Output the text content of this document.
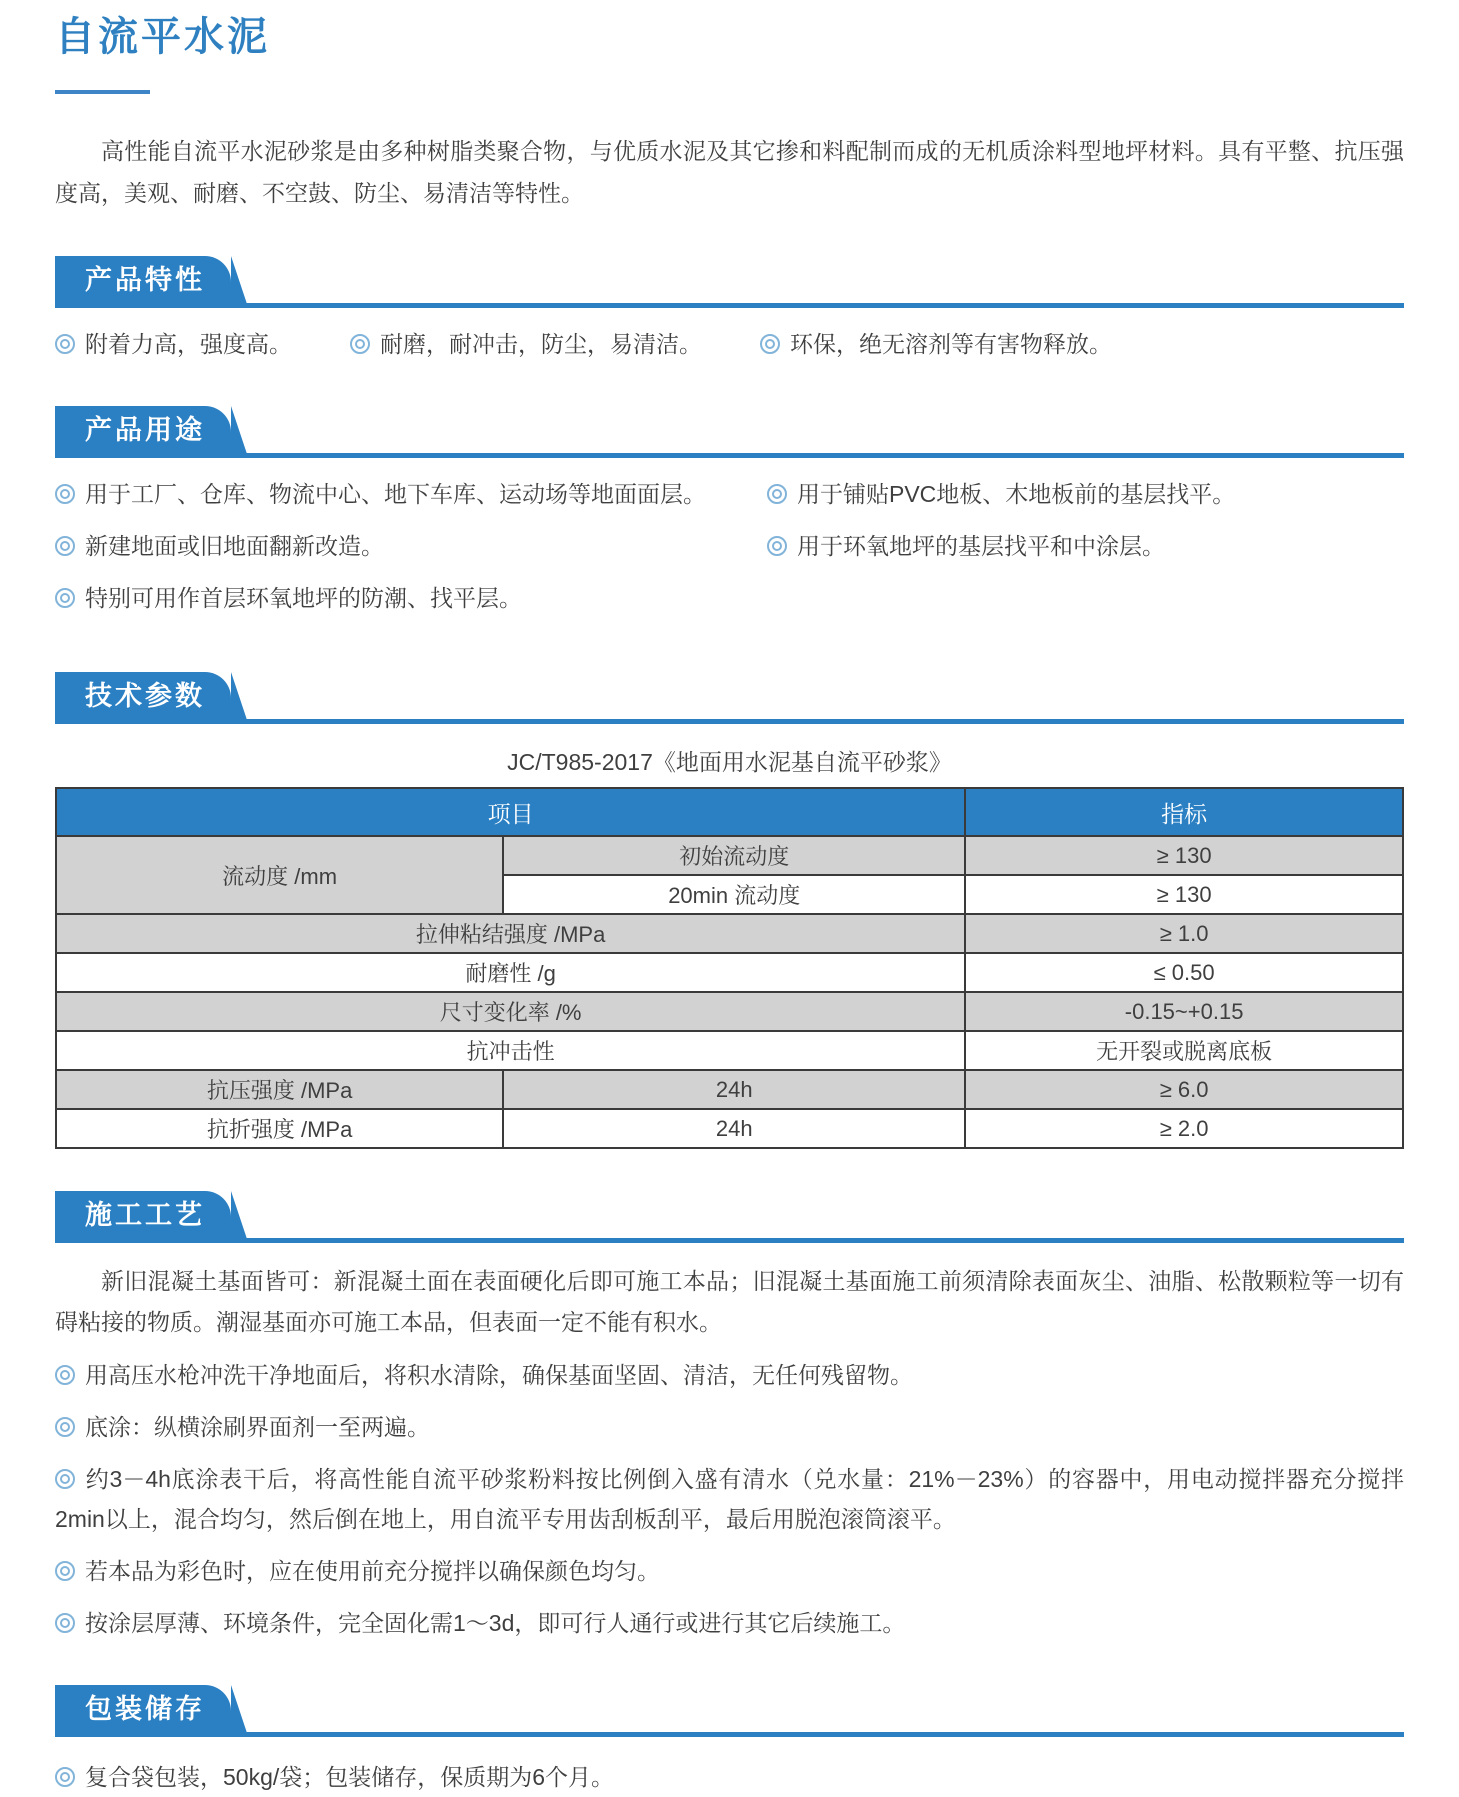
自流平水泥

高性能自流平水泥砂浆是由多种树脂类聚合物，与优质水泥及其它掺和料配制而成的无机质涂料型地坪材料。具有平整、抗压强度高，美观、耐磨、不空鼓、防尘、易清洁等特性。

产品特性

附着力高，强度高。	耐磨，耐冲击，防尘，易清洁。	环保，绝无溶剂等有害物释放。

产品用途

用于工厂、仓库、物流中心、地下车库、运动场等地面面层。

新建地面或旧地面翻新改造。

特别可用作首层环氧地坪的防潮、找平层。

用于铺贴PVC地板、木地板前的基层找平。

用于环氧地坪的基层找平和中涂层。

技术参数

JC/T985-2017《地面用水泥基自流平砂浆》

项目		指标
流动度 /mm	初始流动度	≥ 130
	20min 流动度	≥ 130
拉伸粘结强度 /MPa		≥ 1.0
耐磨性 /g		≤ 0.50
尺寸变化率 /%		-0.15~+0.15
抗冲击性		无开裂或脱离底板
抗压强度 /MPa	24h	≥ 6.0
抗折强度 /MPa	24h	≥ 2.0
施工工艺

新旧混凝土基面皆可：新混凝土面在表面硬化后即可施工本品；旧混凝土基面施工前须清除表面灰尘、油脂、松散颗粒等一切有碍粘接的物质。潮湿基面亦可施工本品，但表面一定不能有积水。

用高压水枪冲洗干净地面后，将积水清除，确保基面坚固、清洁，无任何残留物。

底涂：纵横涂刷界面剂一至两遍。

约3－4h底涂表干后，将高性能自流平砂浆粉料按比例倒入盛有清水（兑水量：21%－23%）的容器中，用电动搅拌器充分搅拌2min以上，混合均匀，然后倒在地上，用自流平专用齿刮板刮平，最后用脱泡滚筒滚平。

若本品为彩色时，应在使用前充分搅拌以确保颜色均匀。

按涂层厚薄、环境条件，完全固化需1～3d，即可行人通行或进行其它后续施工。

包装储存

复合袋包装，50kg/袋；包装储存，保质期为6个月。
